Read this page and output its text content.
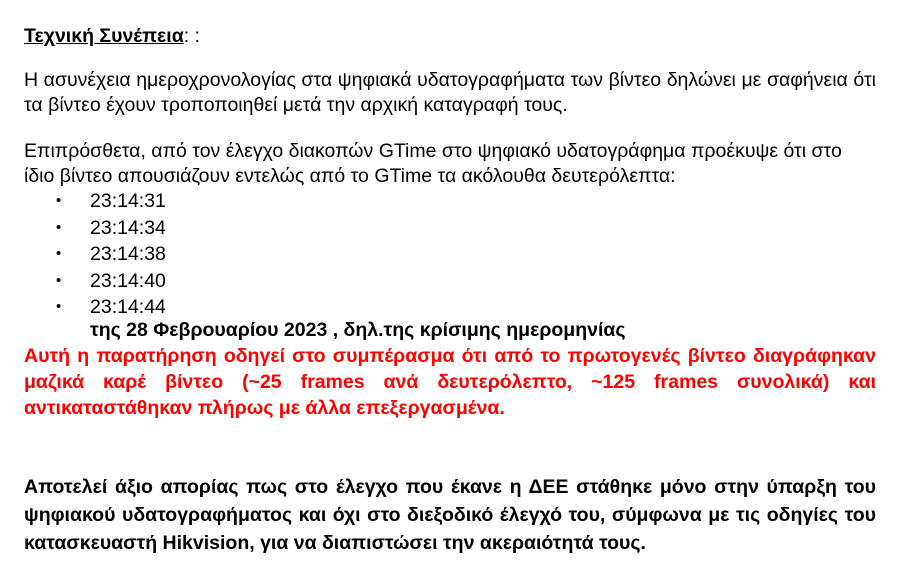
Τεχνική Συνέπεια: :

Η ασυνέχεια ημεροχρονολογίας στα ψηφιακά υδατογραφήματα των βίντεο δηλώνει με σαφήνεια ότι τα βίντεο έχουν τροποποιηθεί μετά την αρχική καταγραφή τους.

Επιπρόσθετα, από τον έλεγχο διακοπών GTime στο ψηφιακό υδατογράφημα προέκυψε ότι στο ίδιο βίντεο απουσιάζουν εντελώς από το GTime τα ακόλουθα δευτερόλεπτα:

• 23:14:31
• 23:14:34
• 23:14:38
• 23:14:40
• 23:14:44

της 28 Φεβρουαρίου 2023 , δηλ.της κρίσιμης ημερομηνίας

Αυτή η παρατήρηση οδηγεί στο συμπέρασμα ότι από το πρωτογενές βίντεο διαγράφηκαν μαζικά καρέ βίντεο (~25 frames ανά δευτερόλεπτο, ~125 frames συνολικά) και αντικαταστάθηκαν πλήρως με άλλα επεξεργασμένα.

Αποτελεί άξιο απορίας πως στο έλεγχο που έκανε η ΔΕΕ στάθηκε μόνο στην ύπαρξη του ψηφιακού υδατογραφήματος και όχι στο διεξοδικό έλεγχό του, σύμφωνα με τις οδηγίες του κατασκευαστή Hikvision, για να διαπιστώσει την ακεραιότητά τους.
